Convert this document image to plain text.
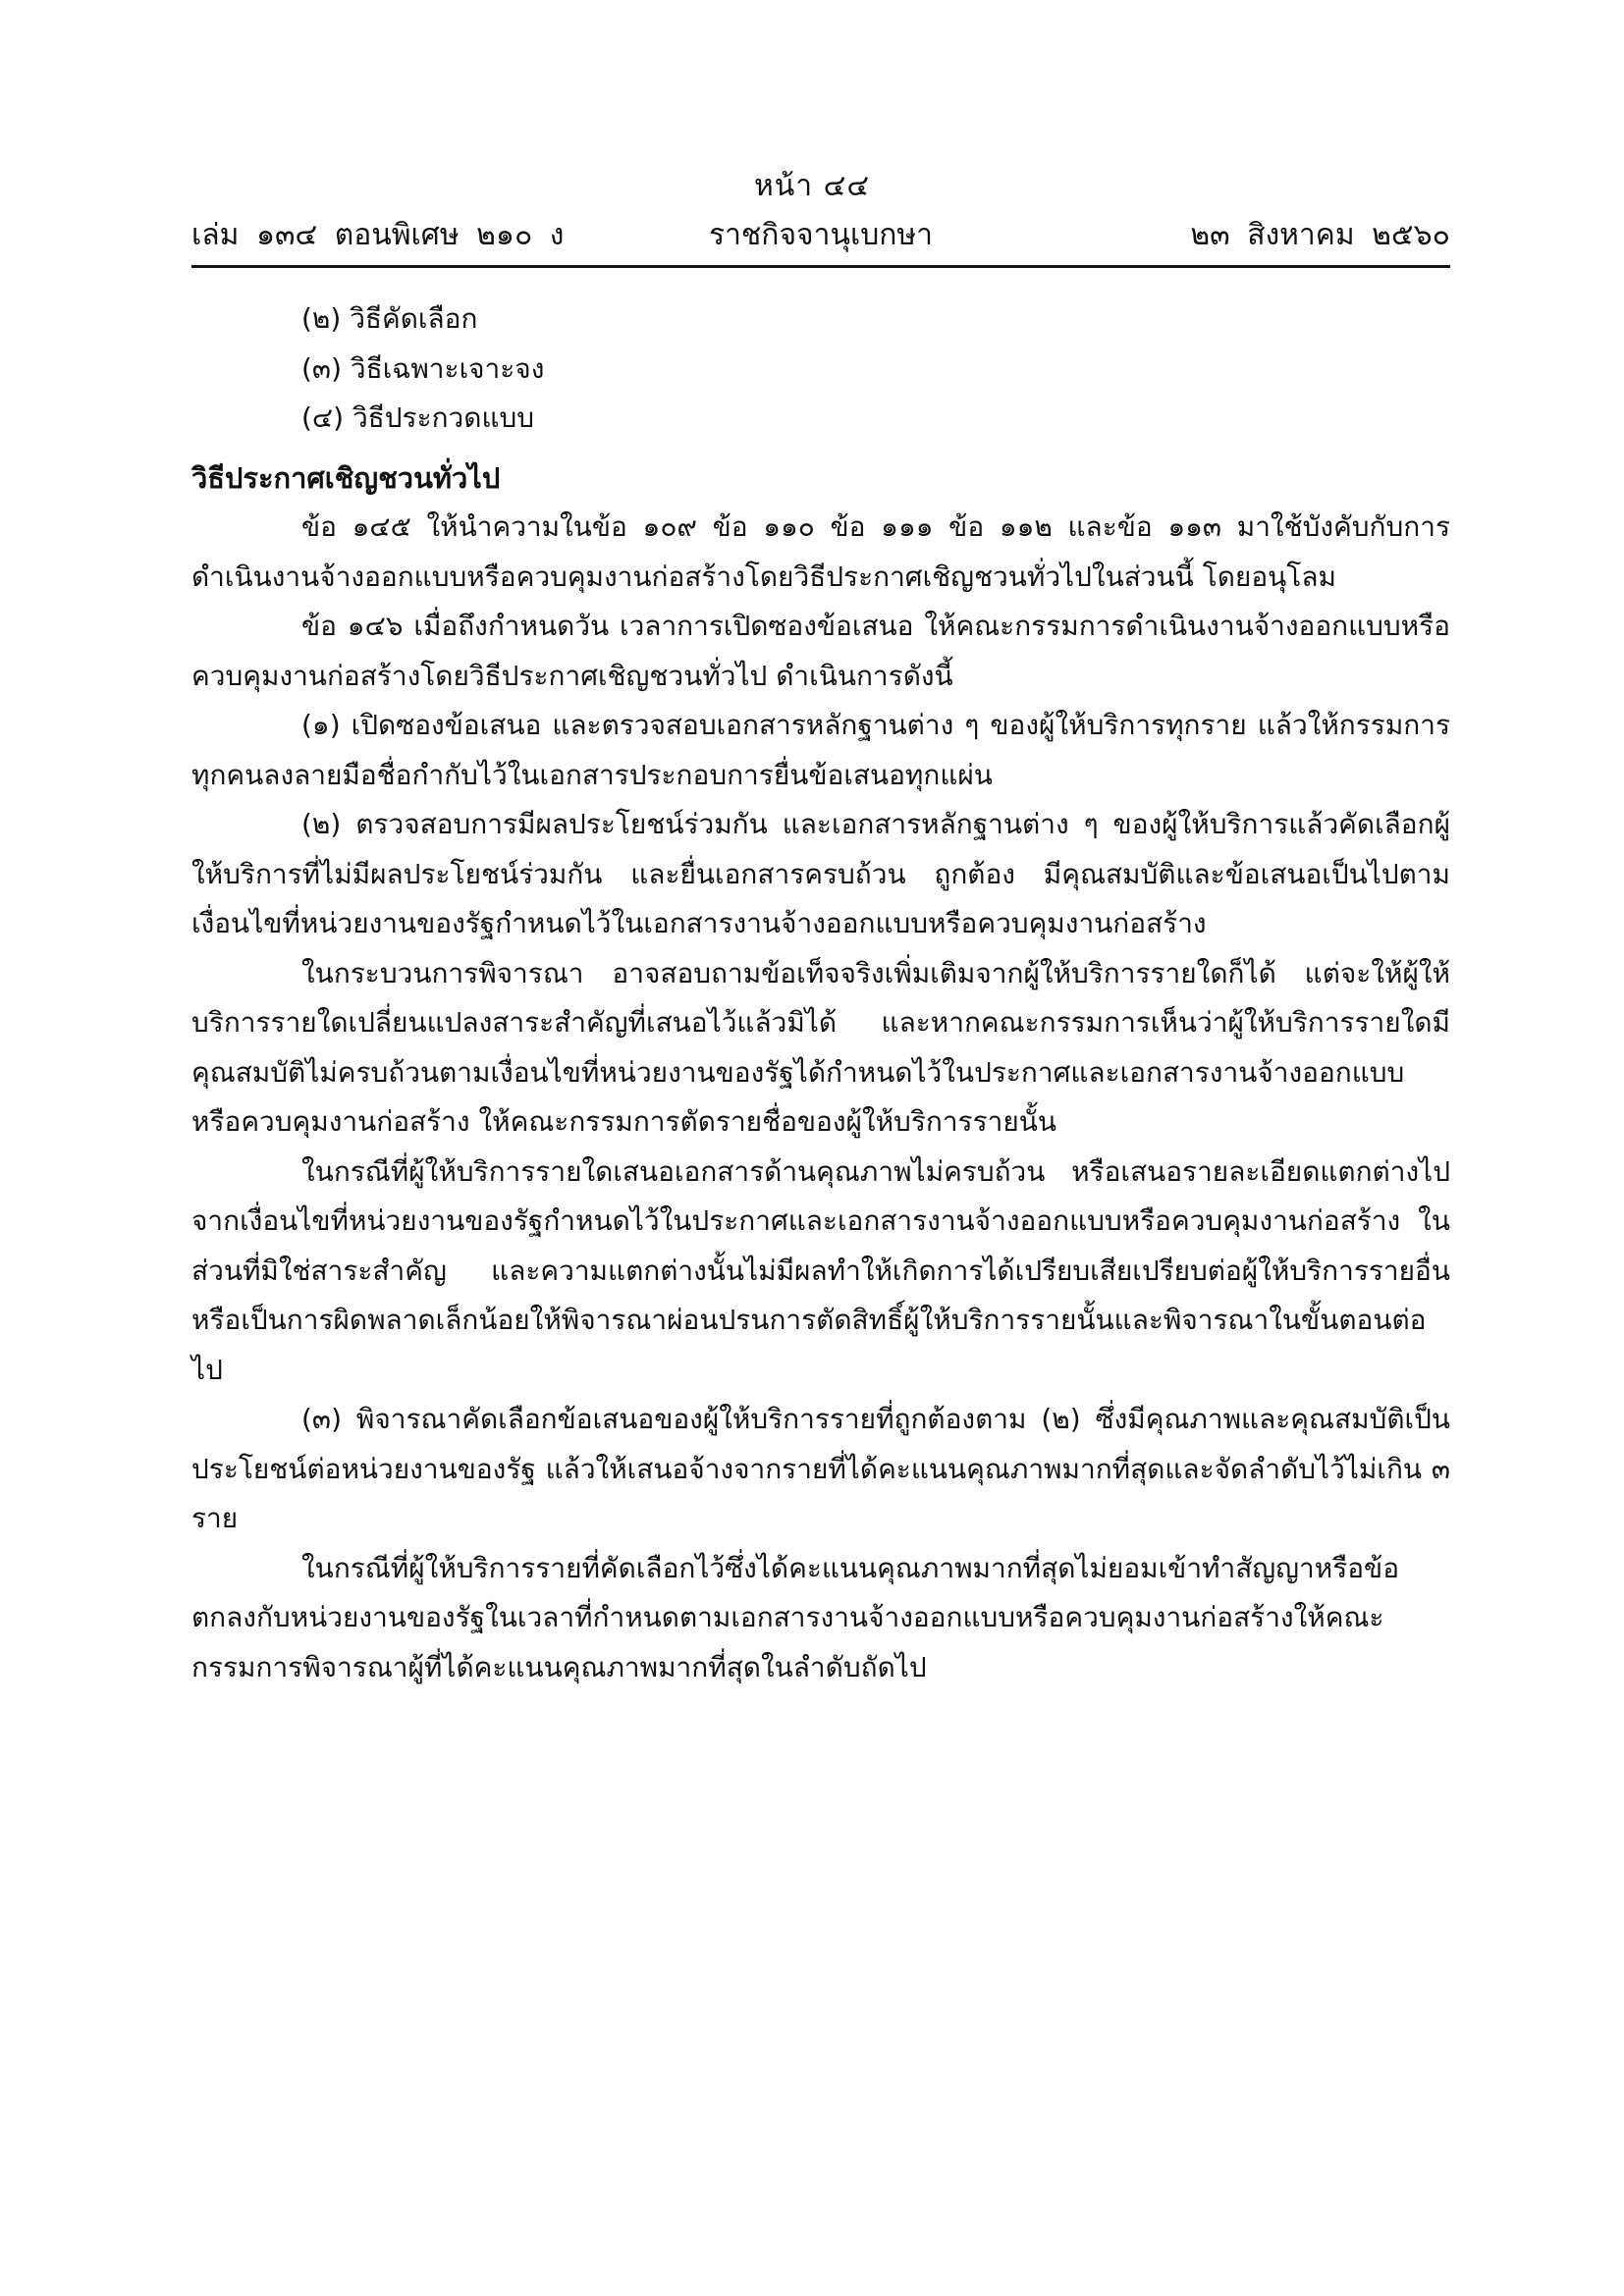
หน้า ๔๔
เล่ม ๑๓๔ ตอนพิเศษ ๒๑๐ ง	ราชกิจจานุเบกษา	๒๓ สิงหาคม ๒๕๖๐

(๒) วิธีคัดเลือก

(๓) วิธีเฉพาะเจาะจง

(๔) วิธีประกวดแบบ

วิธีประกาศเชิญชวนทั่วไป

ข้อ ๑๔๕ ให้นำความในข้อ ๑๐๙ ข้อ ๑๑๐ ข้อ ๑๑๑ ข้อ ๑๑๒ และข้อ ๑๑๓ มาใช้บังคับกับการดำเนินงานจ้างออกแบบหรือควบคุมงานก่อสร้างโดยวิธีประกาศเชิญชวนทั่วไปในส่วนนี้ โดยอนุโลม

ข้อ ๑๔๖ เมื่อถึงกำหนดวัน เวลาการเปิดซองข้อเสนอ ให้คณะกรรมการดำเนินงานจ้างออกแบบหรือควบคุมงานก่อสร้างโดยวิธีประกาศเชิญชวนทั่วไป ดำเนินการดังนี้

(๑) เปิดซองข้อเสนอ และตรวจสอบเอกสารหลักฐานต่าง ๆ ของผู้ให้บริการทุกราย แล้วให้กรรมการทุกคนลงลายมือชื่อกำกับไว้ในเอกสารประกอบการยื่นข้อเสนอทุกแผ่น

(๒) ตรวจสอบการมีผลประโยชน์ร่วมกัน และเอกสารหลักฐานต่าง ๆ ของผู้ให้บริการแล้วคัดเลือกผู้ให้บริการที่ไม่มีผลประโยชน์ร่วมกัน และยื่นเอกสารครบถ้วน ถูกต้อง มีคุณสมบัติและข้อเสนอเป็นไปตามเงื่อนไขที่หน่วยงานของรัฐกำหนดไว้ในเอกสารงานจ้างออกแบบหรือควบคุมงานก่อสร้าง

ในกระบวนการพิจารณา อาจสอบถามข้อเท็จจริงเพิ่มเติมจากผู้ให้บริการรายใดก็ได้ แต่จะให้ผู้ให้บริการรายใดเปลี่ยนแปลงสาระสำคัญที่เสนอไว้แล้วมิได้ และหากคณะกรรมการเห็นว่าผู้ให้บริการรายใดมีคุณสมบัติไม่ครบถ้วนตามเงื่อนไขที่หน่วยงานของรัฐได้กำหนดไว้ในประกาศและเอกสารงานจ้างออกแบบหรือควบคุมงานก่อสร้าง ให้คณะกรรมการตัดรายชื่อของผู้ให้บริการรายนั้น

ในกรณีที่ผู้ให้บริการรายใดเสนอเอกสารด้านคุณภาพไม่ครบถ้วน หรือเสนอรายละเอียดแตกต่างไปจากเงื่อนไขที่หน่วยงานของรัฐกำหนดไว้ในประกาศและเอกสารงานจ้างออกแบบหรือควบคุมงานก่อสร้าง ในส่วนที่มิใช่สาระสำคัญ และความแตกต่างนั้นไม่มีผลทำให้เกิดการได้เปรียบเสียเปรียบต่อผู้ให้บริการรายอื่นหรือเป็นการผิดพลาดเล็กน้อยให้พิจารณาผ่อนปรนการตัดสิทธิ์ผู้ให้บริการรายนั้นและพิจารณาในขั้นตอนต่อไป

(๓) พิจารณาคัดเลือกข้อเสนอของผู้ให้บริการรายที่ถูกต้องตาม (๒) ซึ่งมีคุณภาพและคุณสมบัติเป็นประโยชน์ต่อหน่วยงานของรัฐ แล้วให้เสนอจ้างจากรายที่ได้คะแนนคุณภาพมากที่สุดและจัดลำดับไว้ไม่เกิน ๓ ราย

ในกรณีที่ผู้ให้บริการรายที่คัดเลือกไว้ซึ่งได้คะแนนคุณภาพมากที่สุดไม่ยอมเข้าทำสัญญาหรือข้อตกลงกับหน่วยงานของรัฐในเวลาที่กำหนดตามเอกสารงานจ้างออกแบบหรือควบคุมงานก่อสร้างให้คณะกรรมการพิจารณาผู้ที่ได้คะแนนคุณภาพมากที่สุดในลำดับถัดไป
